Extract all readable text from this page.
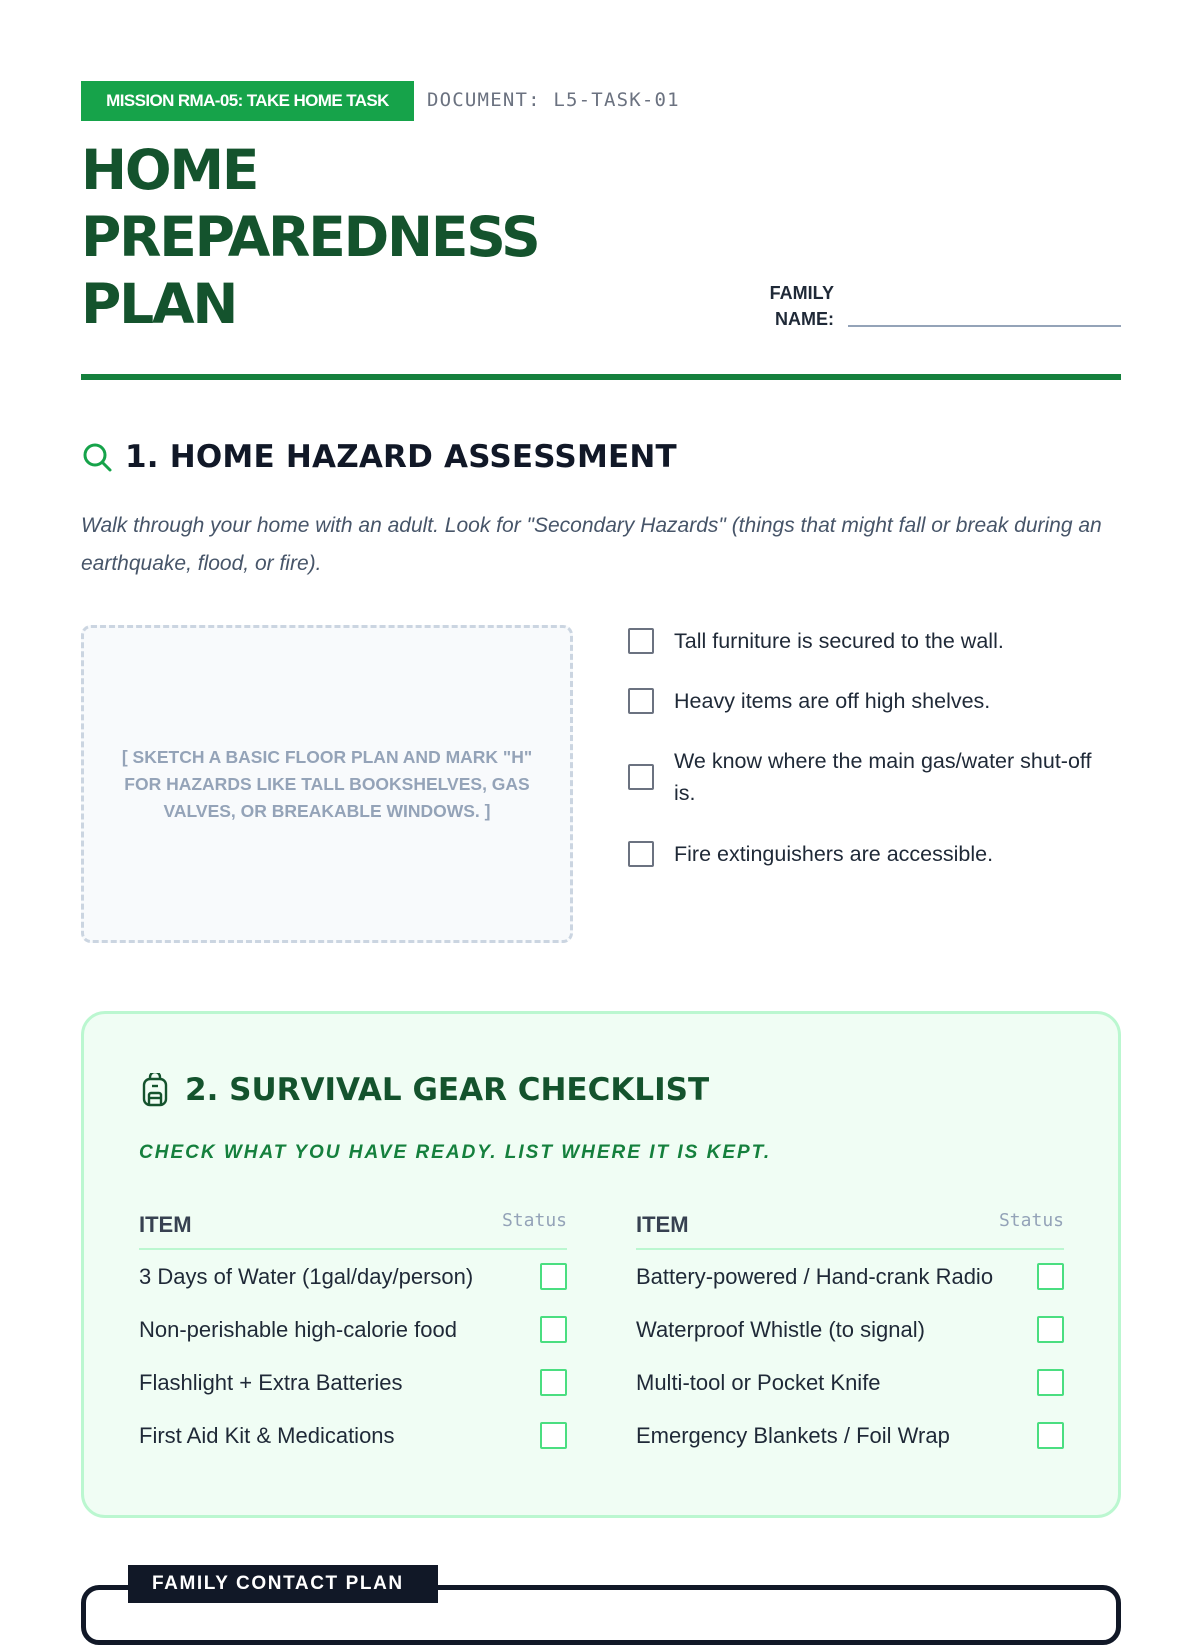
MISSION RMA-05: TAKE HOME TASK	DOCUMENT: L5-TASK-01
HOME
PREPAREDNESS
PLAN	FAMILY
NAME:
1. HOME HAZARD ASSESSMENT

Walk through your home with an adult. Look for "Secondary Hazards" (things that might fall or break during an earthquake, flood, or fire).

[ SKETCH A BASIC FLOOR PLAN AND MARK "H" FOR HAZARDS LIKE TALL BOOKSHELVES, GAS VALVES, OR BREAKABLE WINDOWS. ]
Tall furniture is secured to the wall.
Heavy items are off high shelves.
We know where the main gas/water shut-off is.
Fire extinguishers are accessible.
2. SURVIVAL GEAR CHECKLIST
CHECK WHAT YOU HAVE READY. LIST WHERE IT IS KEPT.
ITEM	Status
3 Days of Water (1gal/day/person)
Non-perishable high-calorie food
Flashlight + Extra Batteries
First Aid Kit & Medications
ITEM	Status
Battery-powered / Hand-crank Radio
Waterproof Whistle (to signal)
Multi-tool or Pocket Knife
Emergency Blankets / Foil Wrap
FAMILY CONTACT PLAN
